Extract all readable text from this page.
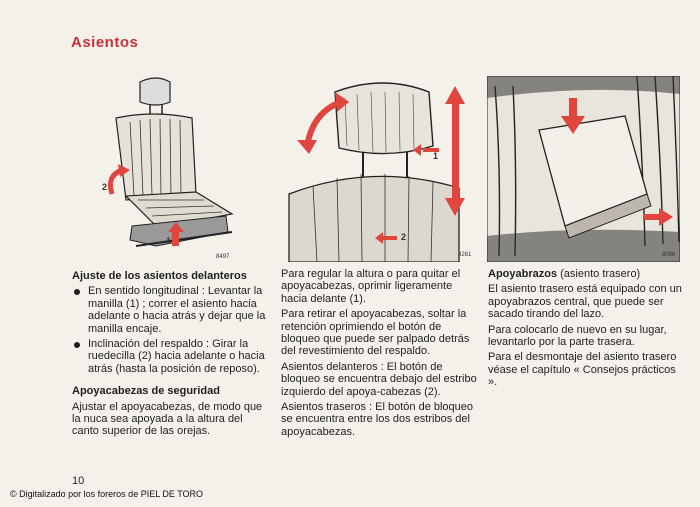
Asientos
2
1
8497
1
2
8261	8006
Ajuste de los asientos delanteros
En sentido longitudinal : Levantar la manilla (1) ; correr el asiento hacia adelante o hacia atrás y dejar que la manilla encaje.
Inclinación del respaldo : Girar la ruedecilla (2) hacia adelante o hacia atrás (hasta la posición de reposo).
Apoyacabezas de seguridad

Ajustar el apoyacabezas, de modo que la nuca sea apoyada a la altura del canto superior de las orejas.

Para regular la altura o para quitar el apoyacabezas, oprimir ligeramente hacia delante (1).

Para retirar el apoyacabezas, soltar la retención oprimiendo el botón de bloqueo que puede ser palpado detrás del revestimiento del respaldo.

Asientos delanteros : El botón de bloqueo se encuentra debajo del estribo izquierdo del apoya-cabezas (2).

Asientos traseros : El botón de bloqueo se encuentra entre los dos estribos del apoyacabezas.

Apoyabrazos (asiento trasero)

El asiento trasero está equipado con un apoyabrazos central, que puede ser sacado tirando del lazo.

Para colocarlo de nuevo en su lugar, levantarlo por la parte trasera.

Para el desmontaje del asiento trasero véase el capítulo « Consejos prácticos ».

10
© Digitalizado por los foreros de PIEL DE TORO
